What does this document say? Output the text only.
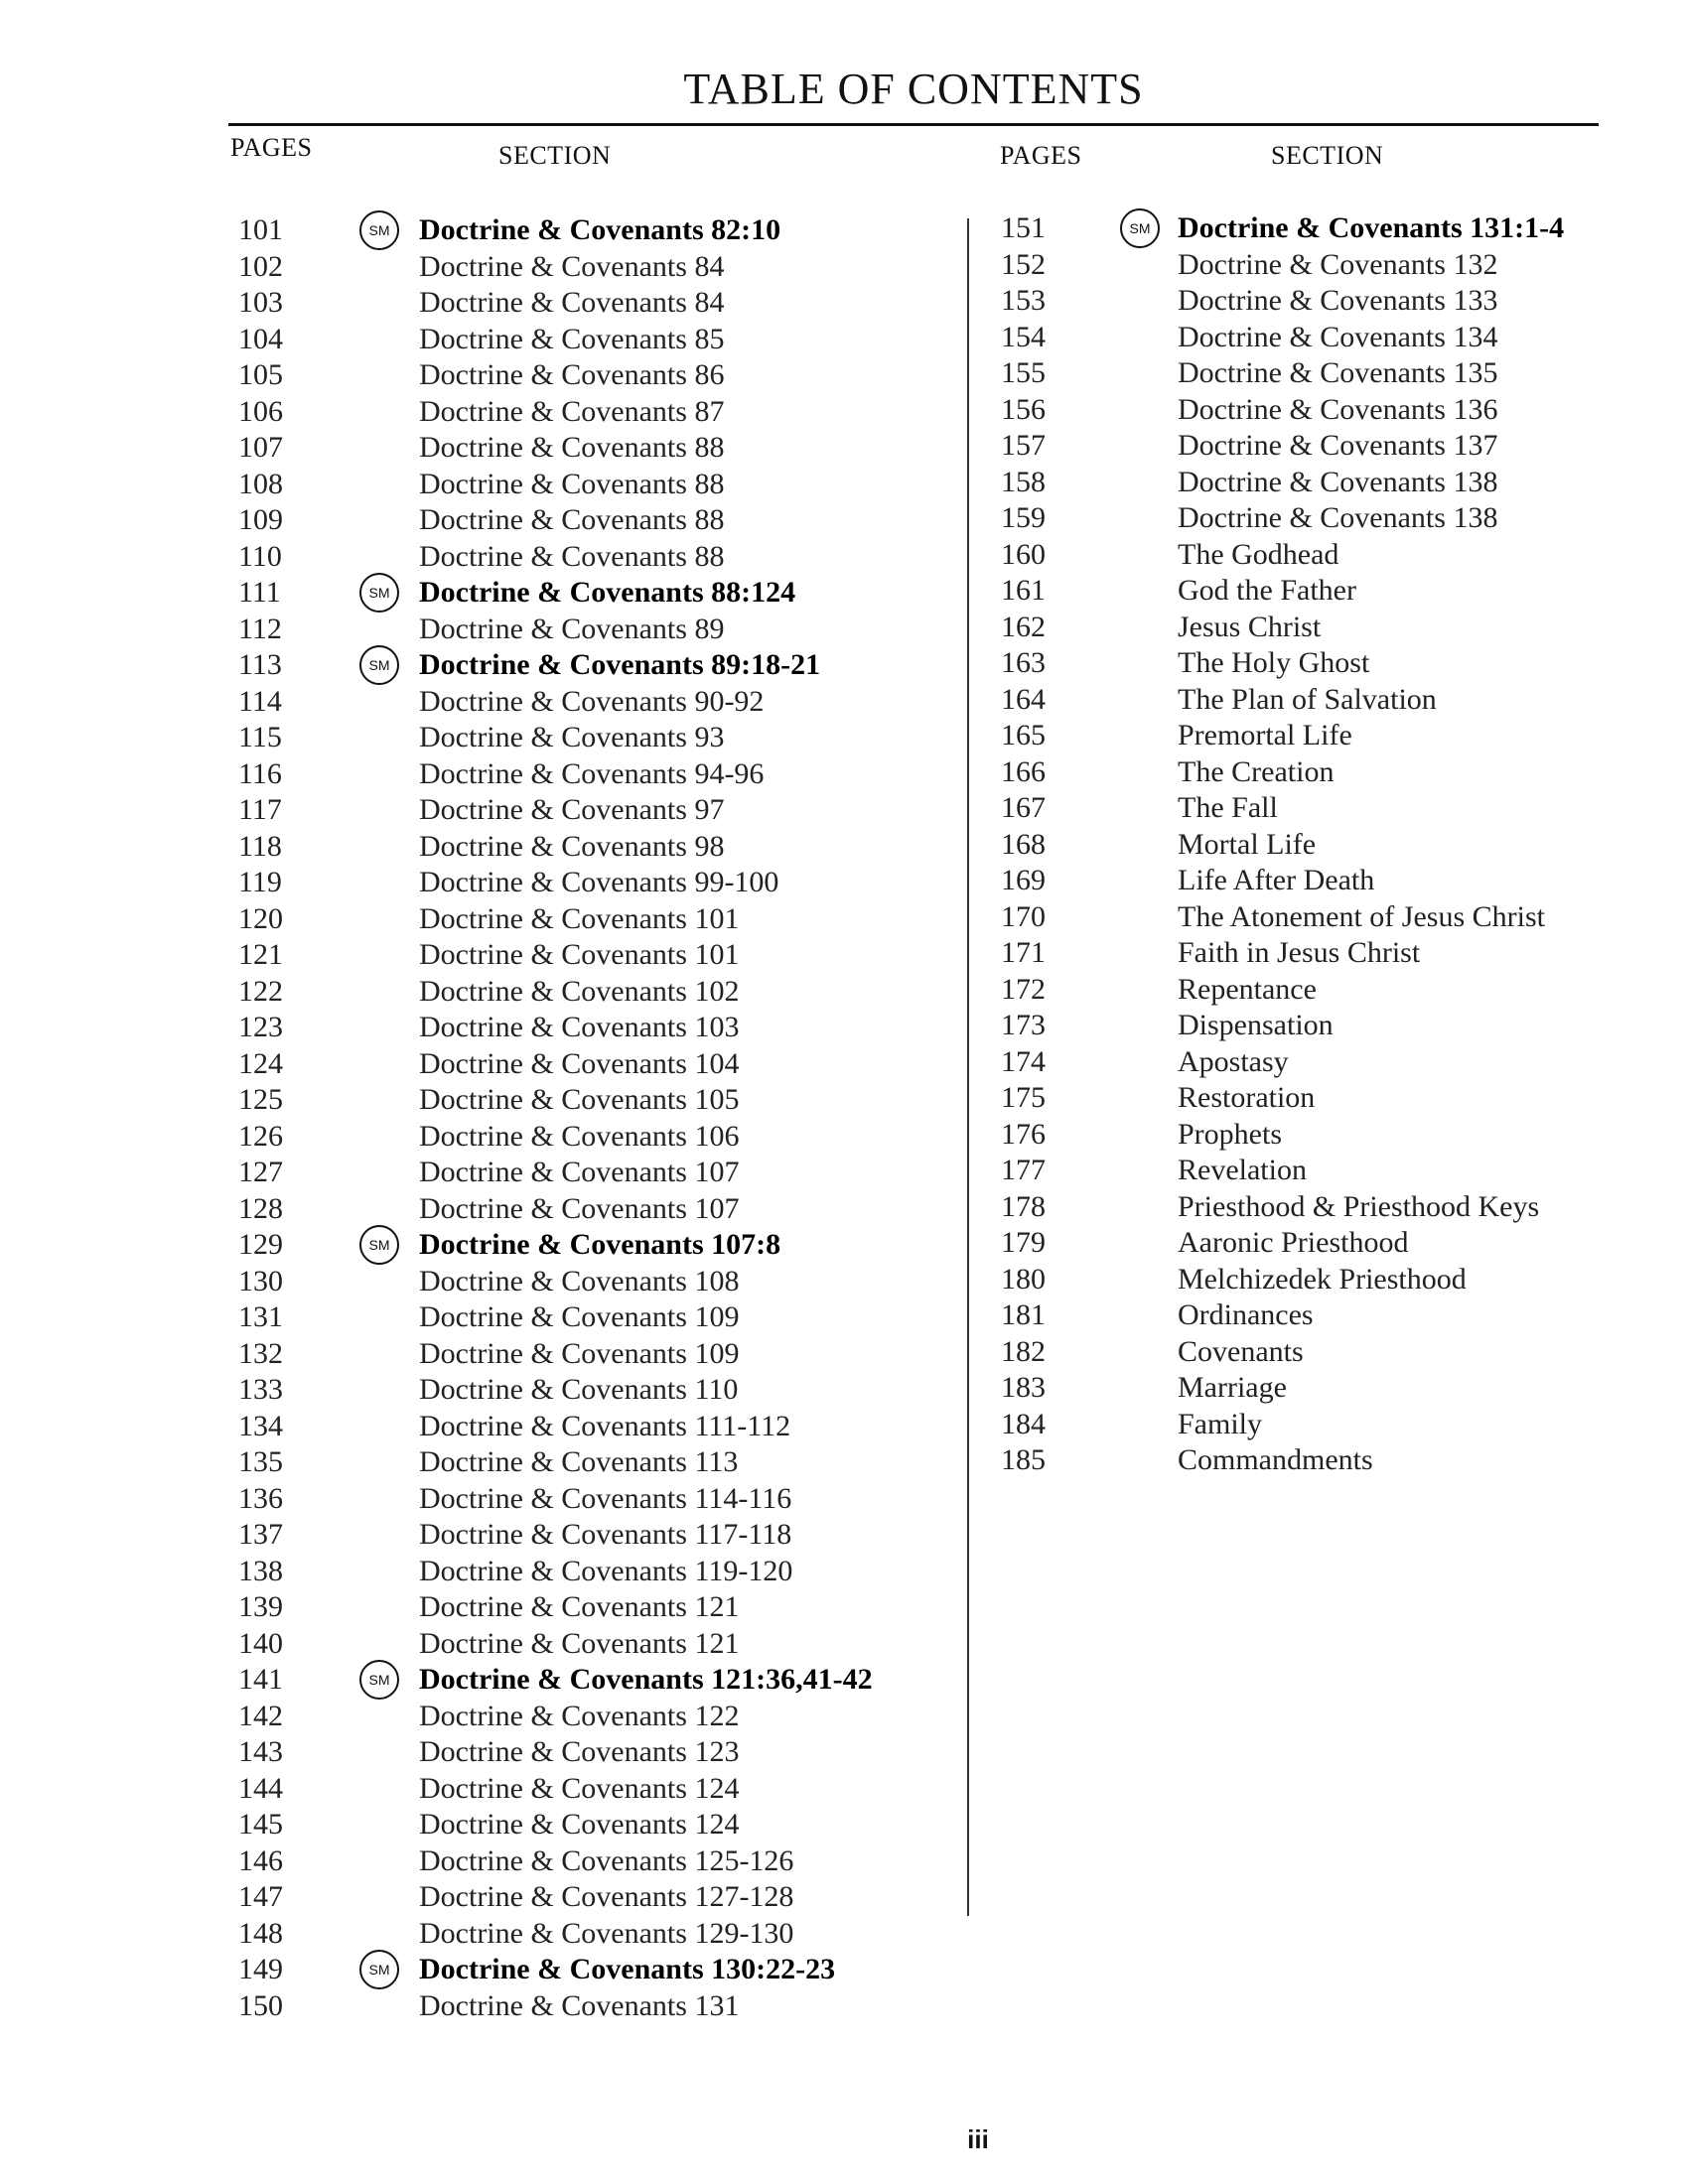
TABLE OF CONTENTS
PAGES	SECTION	PAGES	SECTION
101	SM Doctrine & Covenants 82:10
102	Doctrine & Covenants 84
103	Doctrine & Covenants 84
104	Doctrine & Covenants 85
105	Doctrine & Covenants 86
106	Doctrine & Covenants 87
107	Doctrine & Covenants 88
108	Doctrine & Covenants 88
109	Doctrine & Covenants 88
110	Doctrine & Covenants 88
111	SM Doctrine & Covenants 88:124
112	Doctrine & Covenants 89
113	SM Doctrine & Covenants 89:18-21
114	Doctrine & Covenants 90-92
115	Doctrine & Covenants 93
116	Doctrine & Covenants 94-96
117	Doctrine & Covenants 97
118	Doctrine & Covenants 98
119	Doctrine & Covenants 99-100
120	Doctrine & Covenants 101
121	Doctrine & Covenants 101
122	Doctrine & Covenants 102
123	Doctrine & Covenants 103
124	Doctrine & Covenants 104
125	Doctrine & Covenants 105
126	Doctrine & Covenants 106
127	Doctrine & Covenants 107
128	Doctrine & Covenants 107
129	SM Doctrine & Covenants 107:8
130	Doctrine & Covenants 108
131	Doctrine & Covenants 109
132	Doctrine & Covenants 109
133	Doctrine & Covenants 110
134	Doctrine & Covenants 111-112
135	Doctrine & Covenants 113
136	Doctrine & Covenants 114-116
137	Doctrine & Covenants 117-118
138	Doctrine & Covenants 119-120
139	Doctrine & Covenants 121
140	Doctrine & Covenants 121
141	SM Doctrine & Covenants 121:36,41-42
142	Doctrine & Covenants 122
143	Doctrine & Covenants 123
144	Doctrine & Covenants 124
145	Doctrine & Covenants 124
146	Doctrine & Covenants 125-126
147	Doctrine & Covenants 127-128
148	Doctrine & Covenants 129-130
149	SM Doctrine & Covenants 130:22-23
150	Doctrine & Covenants 131
151	SM Doctrine & Covenants 131:1-4
152	Doctrine & Covenants 132
153	Doctrine & Covenants 133
154	Doctrine & Covenants 134
155	Doctrine & Covenants 135
156	Doctrine & Covenants 136
157	Doctrine & Covenants 137
158	Doctrine & Covenants 138
159	Doctrine & Covenants 138
160	The Godhead
161	God the Father
162	Jesus Christ
163	The Holy Ghost
164	The Plan of Salvation
165	Premortal Life
166	The Creation
167	The Fall
168	Mortal Life
169	Life After Death
170	The Atonement of Jesus Christ
171	Faith in Jesus Christ
172	Repentance
173	Dispensation
174	Apostasy
175	Restoration
176	Prophets
177	Revelation
178	Priesthood & Priesthood Keys
179	Aaronic Priesthood
180	Melchizedek Priesthood
181	Ordinances
182	Covenants
183	Marriage
184	Family
185	Commandments
iii
